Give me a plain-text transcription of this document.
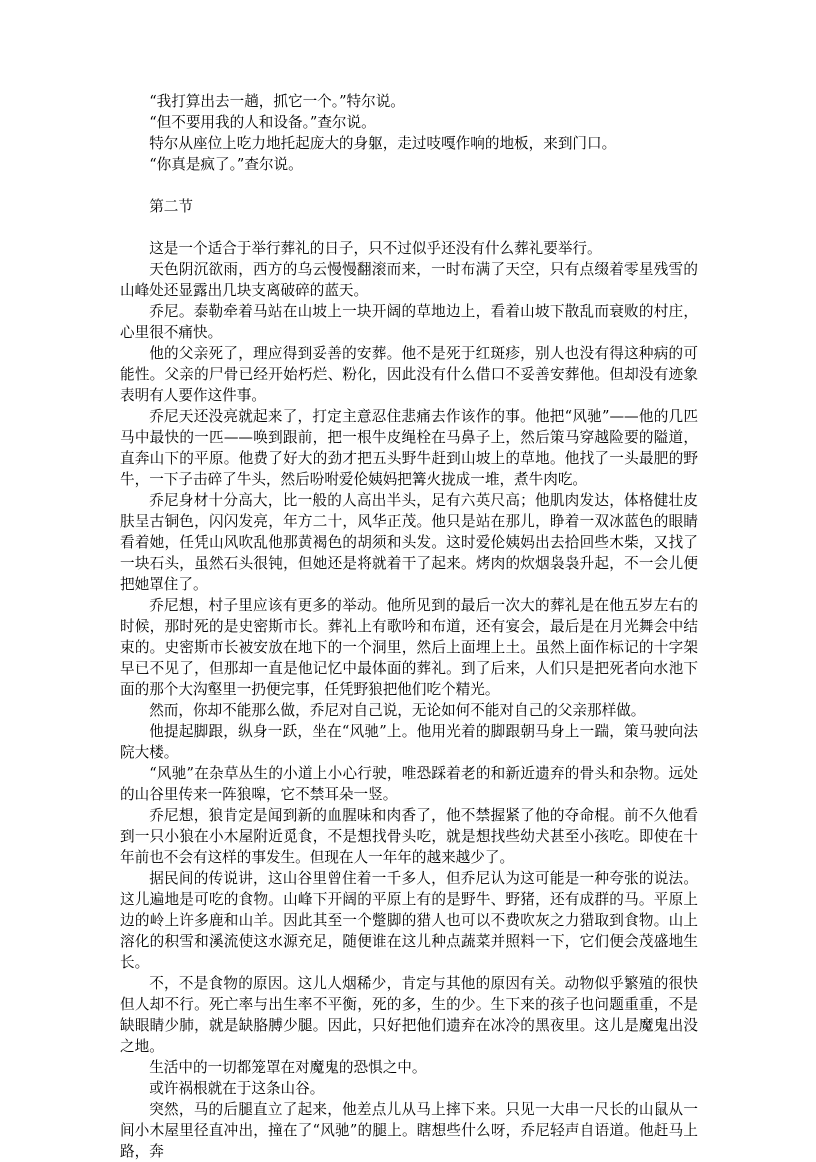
“我打算出去一趟，抓它一个。”特尔说。

“但不要用我的人和设备。”查尔说。

特尔从座位上吃力地托起庞大的身躯，走过吱嘎作响的地板，来到门口。

“你真是疯了。”查尔说。

第二节

这是一个适合于举行葬礼的日子，只不过似乎还没有什么葬礼要举行。

天色阴沉欲雨，西方的乌云慢慢翻滚而来，一时布满了天空，只有点缀着零星残雪的山峰处还显露出几块支离破碎的蓝天。

乔尼。泰勒牵着马站在山坡上一块开阔的草地边上，看着山坡下散乱而衰败的村庄，心里很不痛快。

他的父亲死了，理应得到妥善的安葬。他不是死于红斑疹，别人也没有得这种病的可能性。父亲的尸骨已经开始朽烂、粉化，因此没有什么借口不妥善安葬他。但却没有迹象表明有人要作这件事。

乔尼天还没亮就起来了，打定主意忍住悲痛去作该作的事。他把“风驰”——他的几匹马中最快的一匹——唤到跟前，把一根牛皮绳栓在马鼻子上，然后策马穿越险要的隘道，直奔山下的平原。他费了好大的劲才把五头野牛赶到山坡上的草地。他找了一头最肥的野牛，一下子击碎了牛头，然后吩咐爱伦姨妈把篝火拢成一堆，煮牛肉吃。

乔尼身材十分高大，比一般的人高出半头，足有六英尺高；他肌肉发达，体格健壮皮肤呈古铜色，闪闪发亮，年方二十，风华正茂。他只是站在那儿，睁着一双冰蓝色的眼睛看着她，任凭山风吹乱他那黄褐色的胡须和头发。这时爱伦姨妈出去拾回些木柴，又找了一块石头，虽然石头很钝，但她还是将就着干了起来。烤肉的炊烟袅袅升起，不一会儿便把她罩住了。

乔尼想，村子里应该有更多的举动。他所见到的最后一次大的葬礼是在他五岁左右的时候，那时死的是史密斯市长。葬礼上有歌吟和布道，还有宴会，最后是在月光舞会中结束的。史密斯市长被安放在地下的一个洞里，然后上面埋上土。虽然上面作标记的十字架早已不见了，但那却一直是他记忆中最体面的葬礼。到了后来，人们只是把死者向水池下面的那个大沟壑里一扔便完事，任凭野狼把他们吃个精光。

然而，你却不能那么做，乔尼对自己说，无论如何不能对自己的父亲那样做。

他提起脚跟，纵身一跃，坐在“风驰”上。他用光着的脚跟朝马身上一踹，策马驶向法院大楼。

“风驰”在杂草丛生的小道上小心行驶，唯恐踩着老的和新近遗弃的骨头和杂物。远处的山谷里传来一阵狼嗥，它不禁耳朵一竖。

乔尼想，狼肯定是闻到新的血腥味和肉香了，他不禁握紧了他的夺命棍。前不久他看到一只小狼在小木屋附近觅食，不是想找骨头吃，就是想找些幼犬甚至小孩吃。即使在十年前也不会有这样的事发生。但现在人一年年的越来越少了。

据民间的传说讲，这山谷里曾住着一千多人，但乔尼认为这可能是一种夸张的说法。这儿遍地是可吃的食物。山峰下开阔的平原上有的是野牛、野猪，还有成群的马。平原上边的岭上许多鹿和山羊。因此其至一个蹩脚的猎人也可以不费吹灰之力猎取到食物。山上溶化的积雪和溪流使这水源充足，随便谁在这儿种点蔬菜并照料一下，它们便会茂盛地生长。

不，不是食物的原因。这儿人烟稀少，肯定与其他的原因有关。动物似乎繁殖的很快但人却不行。死亡率与出生率不平衡，死的多，生的少。生下来的孩子也问题重重，不是缺眼睛少肺，就是缺胳膊少腿。因此，只好把他们遗弃在冰冷的黑夜里。这儿是魔鬼出没之地。

生活中的一切都笼罩在对魔鬼的恐惧之中。

或许祸根就在于这条山谷。

突然，马的后腿直立了起来，他差点儿从马上摔下来。只见一大串一尺长的山鼠从一间小木屋里径直冲出，撞在了“风驰”的腿上。瞎想些什么呀，乔尼轻声自语道。他赶马上路，奔
